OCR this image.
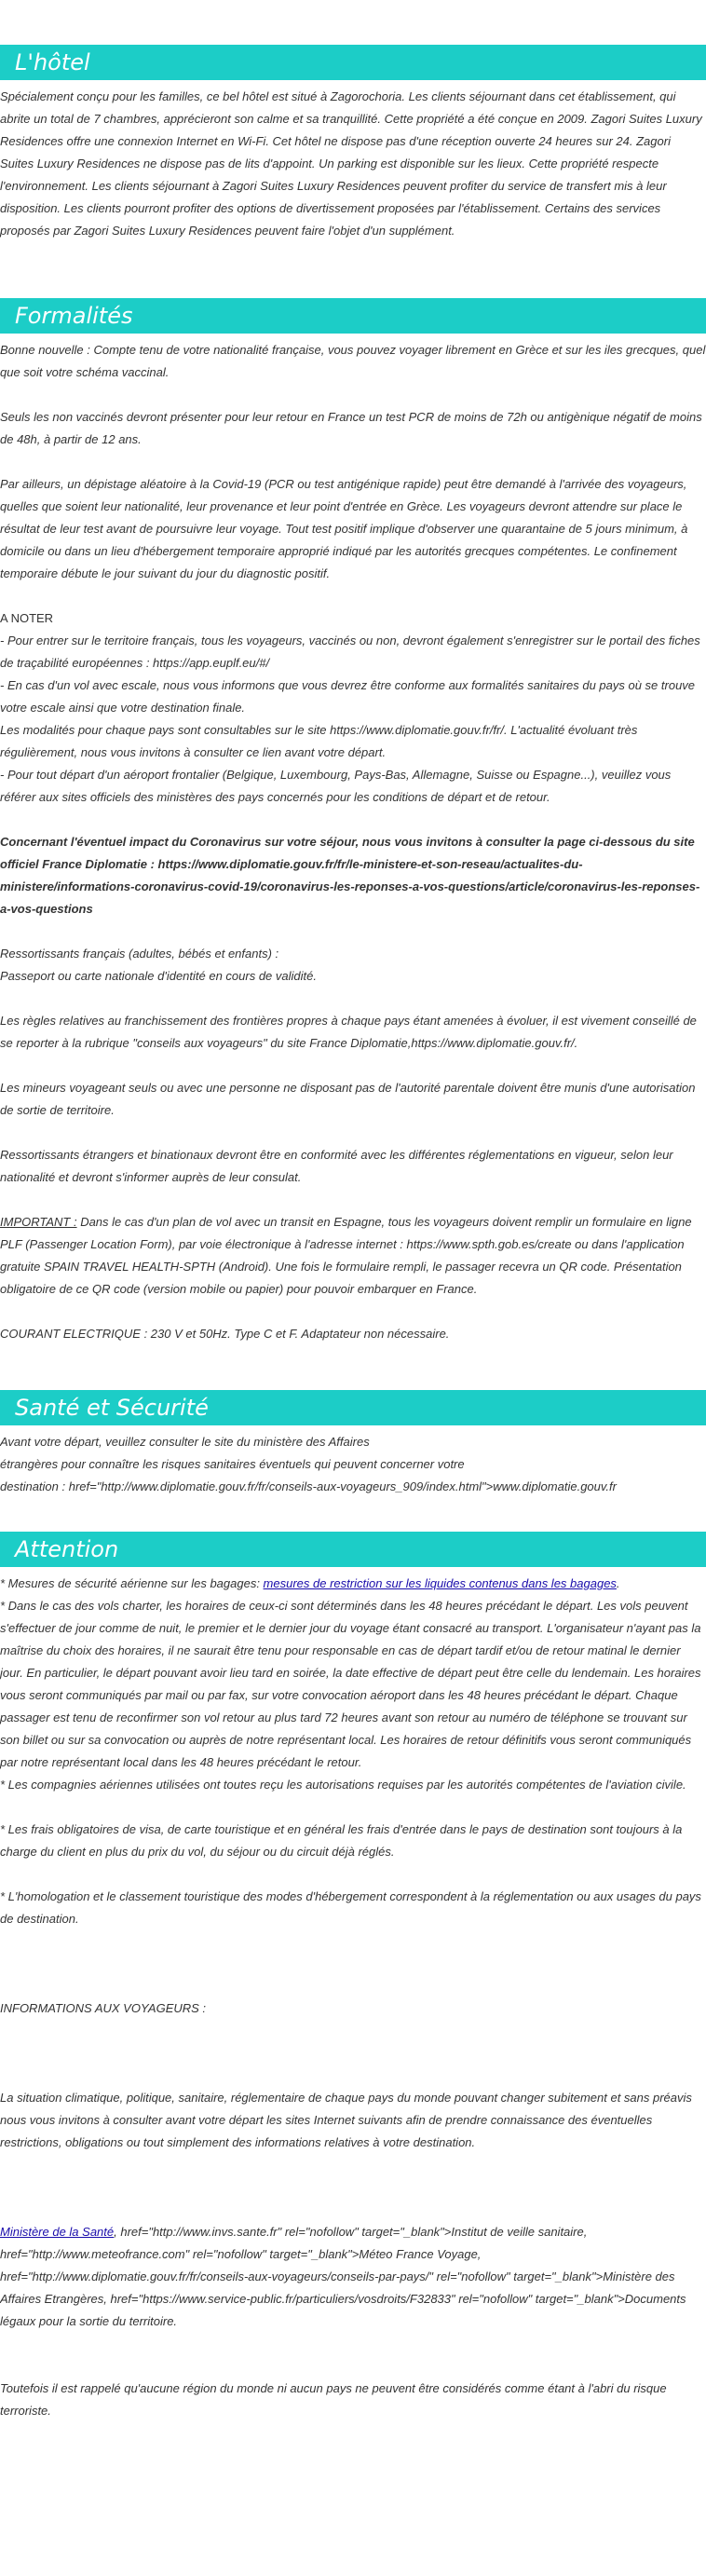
L'hôtel

Spécialement conçu pour les familles, ce bel hôtel est situé à Zagorochoria. Les clients séjournant dans cet établissement, qui abrite un total de 7 chambres, apprécieront son calme et sa tranquillité. Cette propriété a été conçue en 2009. Zagori Suites Luxury Residences offre une connexion Internet en Wi-Fi. Cet hôtel ne dispose pas d'une réception ouverte 24 heures sur 24. Zagori Suites Luxury Residences ne dispose pas de lits d'appoint. Un parking est disponible sur les lieux. Cette propriété respecte l'environnement. Les clients séjournant à Zagori Suites Luxury Residences peuvent profiter du service de transfert mis à leur disposition. Les clients pourront profiter des options de divertissement proposées par l'établissement. Certains des services proposés par Zagori Suites Luxury Residences peuvent faire l'objet d'un supplément.

Formalités

Bonne nouvelle : Compte tenu de votre nationalité française, vous pouvez voyager librement en Grèce et sur les iles grecques, quel que soit votre schéma vaccinal.

Seuls les non vaccinés devront présenter pour leur retour en France un test PCR de moins de 72h ou antigènique négatif de moins de 48h, à partir de 12 ans.

Par ailleurs, un dépistage aléatoire à la Covid-19 (PCR ou test antigénique rapide) peut être demandé à l'arrivée des voyageurs, quelles que soient leur nationalité, leur provenance et leur point d'entrée en Grèce. Les voyageurs devront attendre sur place le résultat de leur test avant de poursuivre leur voyage. Tout test positif implique d'observer une quarantaine de 5 jours minimum, à domicile ou dans un lieu d'hébergement temporaire approprié indiqué par les autorités grecques compétentes. Le confinement temporaire débute le jour suivant du jour du diagnostic positif.

A NOTER

- Pour entrer sur le territoire français, tous les voyageurs, vaccinés ou non, devront également s'enregistrer sur le portail des fiches de traçabilité européennes : https://app.euplf.eu/#/

- En cas d'un vol avec escale, nous vous informons que vous devrez être conforme aux formalités sanitaires du pays où se trouve votre escale ainsi que votre destination finale.

Les modalités pour chaque pays sont consultables sur le site https://www.diplomatie.gouv.fr/fr/. L'actualité évoluant très régulièrement, nous vous invitons à consulter ce lien avant votre départ.

- Pour tout départ d'un aéroport frontalier (Belgique, Luxembourg, Pays-Bas, Allemagne, Suisse ou Espagne...), veuillez vous référer aux sites officiels des ministères des pays concernés pour les conditions de départ et de retour.

Concernant l'éventuel impact du Coronavirus sur votre séjour, nous vous invitons à consulter la page ci-dessous du site officiel France Diplomatie : https://www.diplomatie.gouv.fr/fr/le-ministere-et-son-reseau/actualites-du-ministere/informations-coronavirus-covid-19/coronavirus-les-reponses-a-vos-questions/article/coronavirus-les-reponses-a-vos-questions

Ressortissants français (adultes, bébés et enfants) :

Passeport ou carte nationale d'identité en cours de validité.

Les règles relatives au franchissement des frontières propres à chaque pays étant amenées à évoluer, il est vivement conseillé de se reporter à la rubrique "conseils aux voyageurs" du site France Diplomatie,https://www.diplomatie.gouv.fr/.

Les mineurs voyageant seuls ou avec une personne ne disposant pas de l'autorité parentale doivent être munis d'une autorisation de sortie de territoire.

Ressortissants étrangers et binationaux devront être en conformité avec les différentes réglementations en vigueur, selon leur nationalité et devront s'informer auprès de leur consulat.

IMPORTANT : Dans le cas d'un plan de vol avec un transit en Espagne, tous les voyageurs doivent remplir un formulaire en ligne PLF (Passenger Location Form), par voie électronique à l'adresse internet : https://www.spth.gob.es/create ou dans l'application gratuite SPAIN TRAVEL HEALTH-SPTH (Android). Une fois le formulaire rempli, le passager recevra un QR code. Présentation obligatoire de ce QR code (version mobile ou papier) pour pouvoir embarquer en France.

COURANT ELECTRIQUE : 230 V et 50Hz. Type C et F. Adaptateur non nécessaire.

Santé et Sécurité

Avant votre départ, veuillez consulter le site du ministère des Affaires

étrangères pour connaître les risques sanitaires éventuels qui peuvent concerner votre

destination : href="http://www.diplomatie.gouv.fr/fr/conseils-aux-voyageurs_909/index.html">www.diplomatie.gouv.fr

Attention

* Mesures de sécurité aérienne sur les bagages: mesures de restriction sur les liquides contenus dans les bagages.

* Dans le cas des vols charter, les horaires de ceux-ci sont déterminés dans les 48 heures précédant le départ. Les vols peuvent s'effectuer de jour comme de nuit, le premier et le dernier jour du voyage étant consacré au transport. L'organisateur n'ayant pas la maîtrise du choix des horaires, il ne saurait être tenu pour responsable en cas de départ tardif et/ou de retour matinal le dernier jour. En particulier, le départ pouvant avoir lieu tard en soirée, la date effective de départ peut être celle du lendemain. Les horaires vous seront communiqués par mail ou par fax, sur votre convocation aéroport dans les 48 heures précédant le départ. Chaque passager est tenu de reconfirmer son vol retour au plus tard 72 heures avant son retour au numéro de téléphone se trouvant sur son billet ou sur sa convocation ou auprès de notre représentant local. Les horaires de retour définitifs vous seront communiqués par notre représentant local dans les 48 heures précédant le retour.

* Les compagnies aériennes utilisées ont toutes reçu les autorisations requises par les autorités compétentes de l'aviation civile.

* Les frais obligatoires de visa, de carte touristique et en général les frais d'entrée dans le pays de destination sont toujours à la charge du client en plus du prix du vol, du séjour ou du circuit déjà réglés.

* L'homologation et le classement touristique des modes d'hébergement correspondent à la réglementation ou aux usages du pays de destination.

INFORMATIONS AUX VOYAGEURS :

La situation climatique, politique, sanitaire, réglementaire de chaque pays du monde pouvant changer subitement et sans préavis

nous vous invitons à consulter avant votre départ les sites Internet suivants afin de prendre connaissance des éventuelles restrictions, obligations ou tout simplement des informations relatives à votre destination.

Ministère de la Santé, href="http://www.invs.sante.fr" rel="nofollow" target="_blank">Institut de veille sanitaire, href="http://www.meteofrance.com" rel="nofollow" target="_blank">Méteo France Voyage, href="http://www.diplomatie.gouv.fr/fr/conseils-aux-voyageurs/conseils-par-pays/" rel="nofollow" target="_blank">Ministère des Affaires Etrangères, href="https://www.service-public.fr/particuliers/vosdroits/F32833" rel="nofollow" target="_blank">Documents légaux pour la sortie du territoire.

Toutefois il est rappelé qu'aucune région du monde ni aucun pays ne peuvent être considérés comme étant à l'abri du risque terroriste.
